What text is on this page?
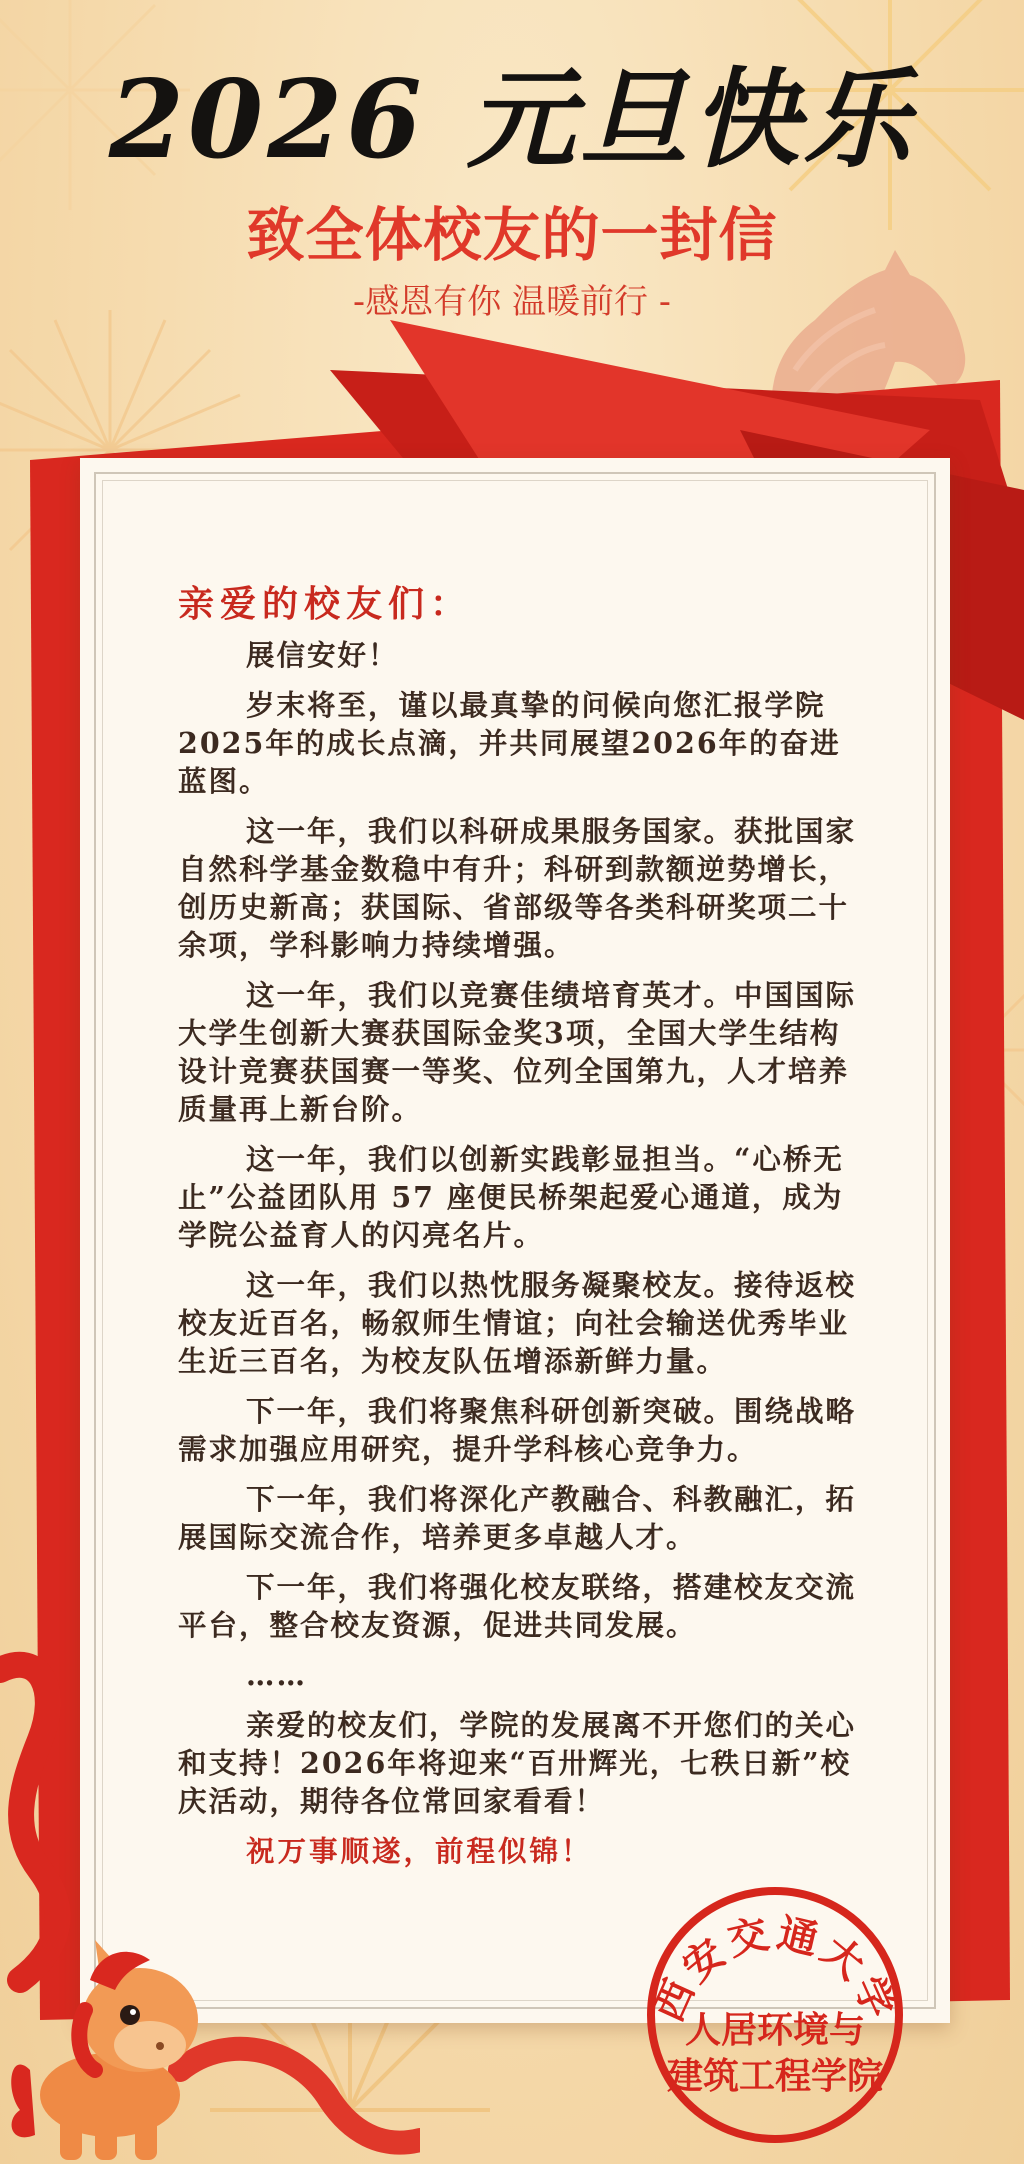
2026 元旦快乐
致全体校友的一封信
-感恩有你 温暖前行 -
亲爱的校友们：

展信安好！

岁末将至，谨以最真挚的问候向您汇报学院2025年的成长点滴，并共同展望2026年的奋进蓝图。

这一年，我们以科研成果服务国家。获批国家自然科学基金数稳中有升；科研到款额逆势增长，创历史新高；获国际、省部级等各类科研奖项二十余项，学科影响力持续增强。

这一年，我们以竞赛佳绩培育英才。中国国际大学生创新大赛获国际金奖3项，全国大学生结构设计竞赛获国赛一等奖、位列全国第九，人才培养质量再上新台阶。

这一年，我们以创新实践彰显担当。“心桥无止”公益团队用 57 座便民桥架起爱心通道，成为学院公益育人的闪亮名片。

这一年，我们以热忱服务凝聚校友。接待返校校友近百名，畅叙师生情谊；向社会输送优秀毕业生近三百名，为校友队伍增添新鲜力量。

下一年，我们将聚焦科研创新突破。围绕战略需求加强应用研究，提升学科核心竞争力。

下一年，我们将深化产教融合、科教融汇，拓展国际交流合作，培养更多卓越人才。

下一年，我们将强化校友联络，搭建校友交流平台，整合校友资源，促进共同发展。

……

亲爱的校友们，学院的发展离不开您们的关心和支持！2026年将迎来“百卅辉光，七秩日新”校庆活动，期待各位常回家看看！

祝万事顺遂，前程似锦！
西安交通大学
人居环境与
建筑工程学院
